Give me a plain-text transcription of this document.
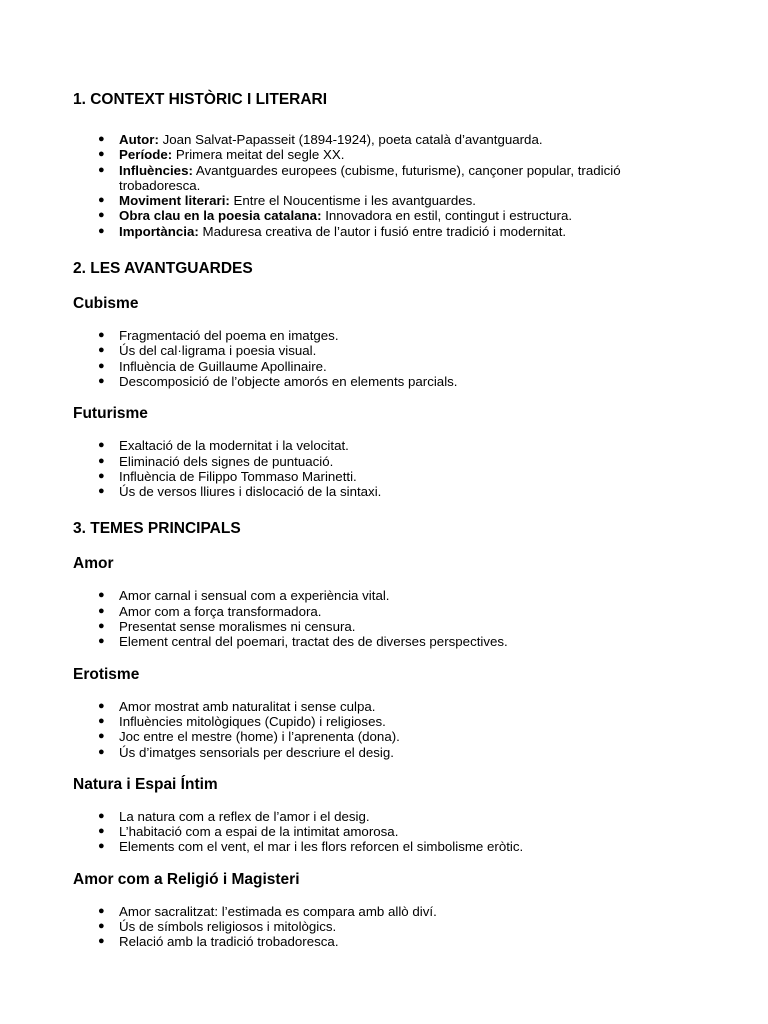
1. CONTEXT HISTÒRIC I LITERARI
● Autor: Joan Salvat-Papasseit (1894-1924), poeta català d’avantguarda.
● Període: Primera meitat del segle XX.
● Influències: Avantguardes europees (cubisme, futurisme), cançoner popular, tradició trobadoresca.
● Moviment literari: Entre el Noucentisme i les avantguardes.
● Obra clau en la poesia catalana: Innovadora en estil, contingut i estructura.
● Importància: Maduresa creativa de l’autor i fusió entre tradició i modernitat.
2. LES AVANTGUARDES
Cubisme
● Fragmentació del poema en imatges.
● Ús del cal·ligrama i poesia visual.
● Influència de Guillaume Apollinaire.
● Descomposició de l’objecte amorós en elements parcials.
Futurisme
● Exaltació de la modernitat i la velocitat.
● Eliminació dels signes de puntuació.
● Influència de Filippo Tommaso Marinetti.
● Ús de versos lliures i dislocació de la sintaxi.
3. TEMES PRINCIPALS
Amor
● Amor carnal i sensual com a experiència vital.
● Amor com a força transformadora.
● Presentat sense moralismes ni censura.
● Element central del poemari, tractat des de diverses perspectives.
Erotisme
● Amor mostrat amb naturalitat i sense culpa.
● Influències mitològiques (Cupido) i religioses.
● Joc entre el mestre (home) i l’aprenenta (dona).
● Ús d’imatges sensorials per descriure el desig.
Natura i Espai Íntim
● La natura com a reflex de l’amor i el desig.
● L’habitació com a espai de la intimitat amorosa.
● Elements com el vent, el mar i les flors reforcen el simbolisme eròtic.
Amor com a Religió i Magisteri
● Amor sacralitzat: l’estimada es compara amb allò diví.
● Ús de símbols religiosos i mitològics.
● Relació amb la tradició trobadoresca.
